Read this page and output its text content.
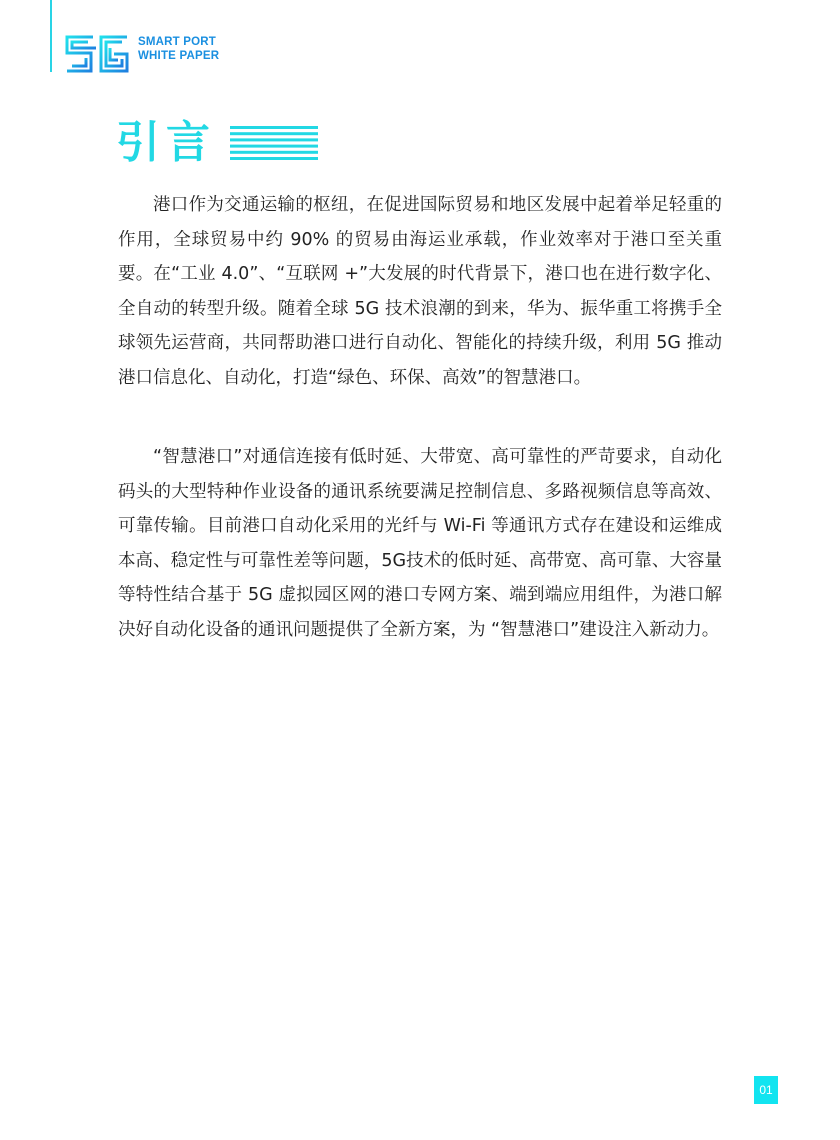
SMART PORT
WHITE PAPER
引言

港口作为交通运输的枢纽，在促进国际贸易和地区发展中起着举足轻重的作用，全球贸易中约 90% 的贸易由海运业承载，作业效率对于港口至关重要。在“工业 4.0”、“互联网 +”大发展的时代背景下，港口也在进行数字化、全自动的转型升级。随着全球 5G 技术浪潮的到来，华为、振华重工将携手全球领先运营商，共同帮助港口进行自动化、智能化的持续升级，利用 5G 推动港口信息化、自动化，打造“绿色、环保、高效”的智慧港口。

“智慧港口”对通信连接有低时延、大带宽、高可靠性的严苛要求，自动化码头的大型特种作业设备的通讯系统要满足控制信息、多路视频信息等高效、可靠传输。目前港口自动化采用的光纤与 Wi-Fi 等通讯方式存在建设和运维成本高、稳定性与可靠性差等问题，5G技术的低时延、高带宽、高可靠、大容量等特性结合基于 5G 虚拟园区网的港口专网方案、端到端应用组件，为港口解决好自动化设备的通讯问题提供了全新方案，为 “智慧港口”建设注入新动力。

01
